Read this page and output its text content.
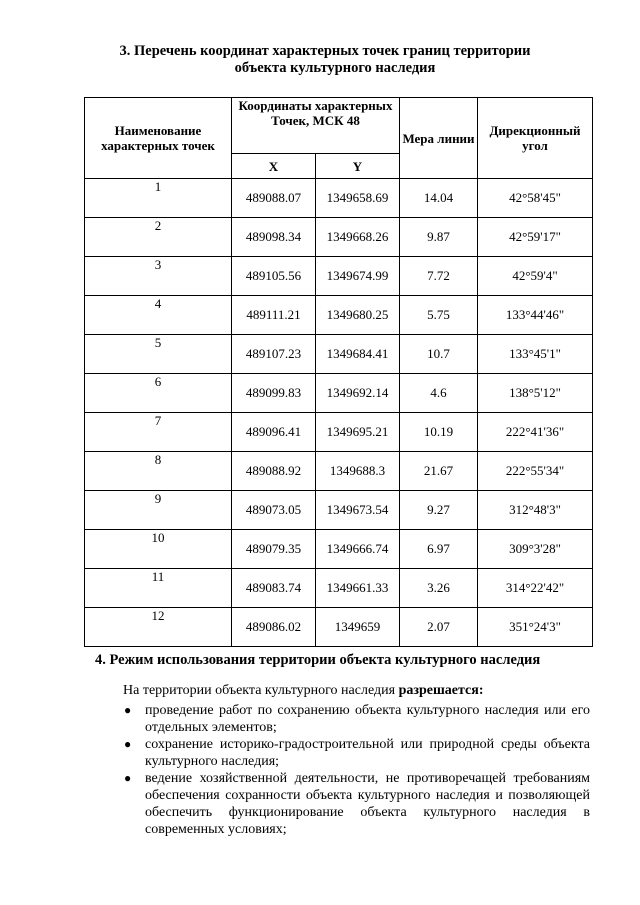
3. Перечень координат характерных точек границ территории
объекта культурного наследия
Наименование характерных точек	Координаты характерных Точек, МСК 48		Мера линии	Дирекционный угол
	X	Y		
1	489088.07	1349658.69	14.04	42°58'45"
2	489098.34	1349668.26	9.87	42°59'17"
3	489105.56	1349674.99	7.72	42°59'4"
4	489111.21	1349680.25	5.75	133°44'46"
5	489107.23	1349684.41	10.7	133°45'1"
6	489099.83	1349692.14	4.6	138°5'12"
7	489096.41	1349695.21	10.19	222°41'36"
8	489088.92	1349688.3	21.67	222°55'34"
9	489073.05	1349673.54	9.27	312°48'3"
10	489079.35	1349666.74	6.97	309°3'28"
11	489083.74	1349661.33	3.26	314°22'42"
12	489086.02	1349659	2.07	351°24'3"
4. Режим использования территории объекта культурного наследия
На территории объекта культурного наследия разрешается:
● проведение работ по сохранению объекта культурного наследия или его отдельных элементов;
● сохранение историко-градостроительной или природной среды объекта культурного наследия;
● ведение хозяйственной деятельности, не противоречащей требованиям обеспечения сохранности объекта культурного наследия и позволяющей обеспечить функционирование объекта культурного наследия в современных условиях;
